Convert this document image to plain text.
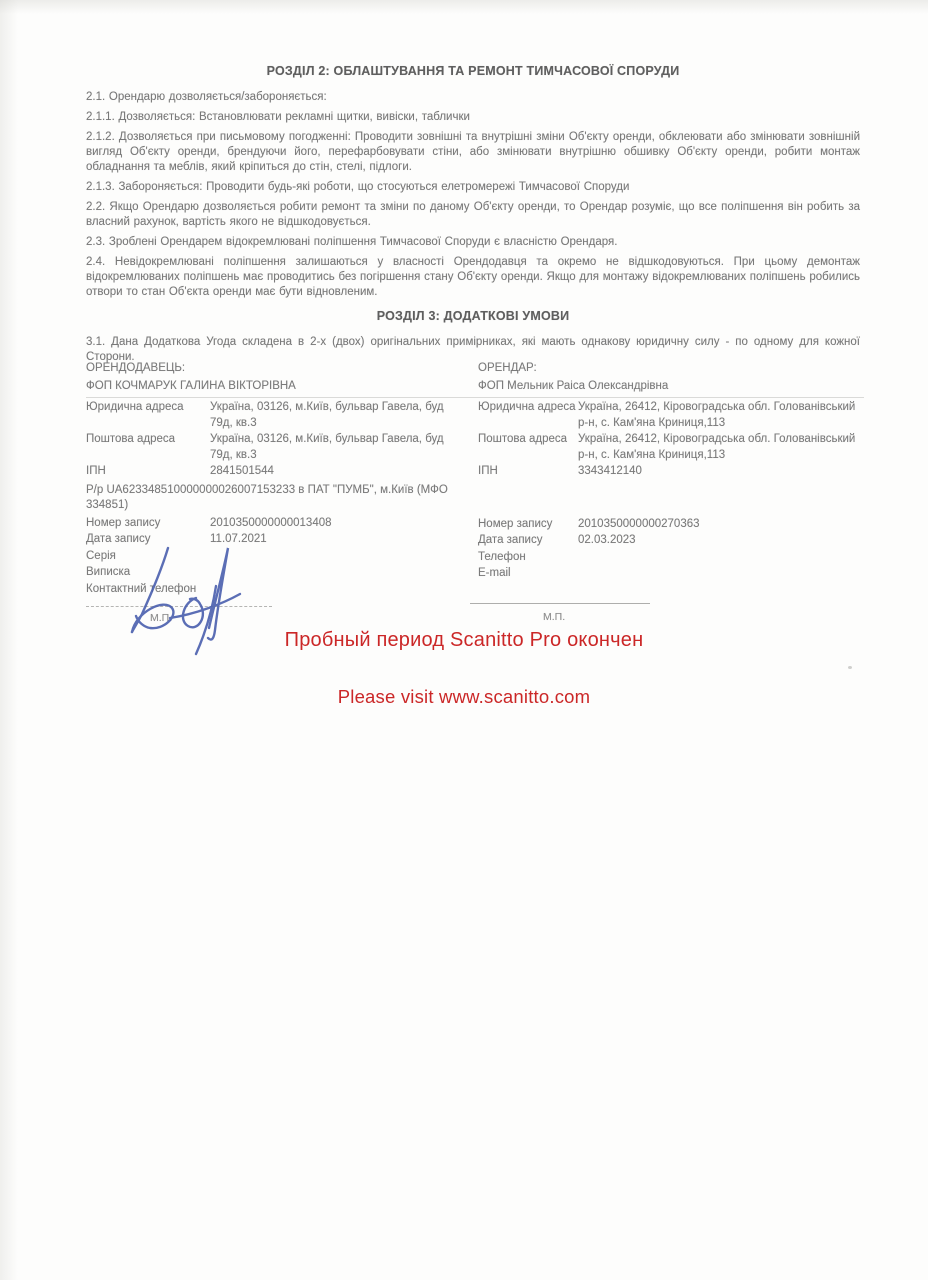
РОЗДІЛ 2: ОБЛАШТУВАННЯ ТА РЕМОНТ ТИМЧАСОВОЇ СПОРУДИ

2.1. Орендарю дозволяється/забороняється:

2.1.1. Дозволяється: Встановлювати рекламні щитки, вивіски, таблички

2.1.2. Дозволяється при письмовому погодженні: Проводити зовнішні та внутрішні зміни Об'єкту оренди, обклеювати або змінювати зовнішній вигляд Об'єкту оренди, брендуючи його, перефарбовувати стіни, або змінювати внутрішню обшивку Об'єкту оренди, робити монтаж обладнання та меблів, який кріпиться до стін, стелі, підлоги.

2.1.3. Забороняється: Проводити будь-які роботи, що стосуються елетромережі Тимчасової Споруди

2.2. Якщо Орендарю дозволяється робити ремонт та зміни по даному Об'єкту оренди, то Орендар розуміє, що все поліпшення він робить за власний рахунок, вартість якого не відшкодовується.

2.3. Зроблені Орендарем відокремлювані поліпшення Тимчасової Споруди є власністю Орендаря.

2.4. Невідокремлювані поліпшення залишаються у власності Орендодавця та окремо не відшкодовуються. При цьому демонтаж відокремлюваних поліпшень має проводитись без погіршення стану Об'єкту оренди. Якщо для монтажу відокремлюваних поліпшень робились отвори то стан Об'єкта оренди має бути відновленим.

РОЗДІЛ 3: ДОДАТКОВІ УМОВИ

3.1. Дана Додаткова Угода складена в 2-х (двох) оригінальних примірниках, які мають однакову юридичну силу - по одному для кожної Сторони.

ОРЕНДОДАВЕЦЬ:
ФОП КОЧМАРУК ГАЛИНА ВІКТОРІВНА
ОРЕНДАР:
ФОП Мельник Раіса Олександрівна
Юридична адреса	Україна, 03126, м.Київ, бульвар Гавела, буд 79д, кв.3
Поштова адреса	Україна, 03126, м.Київ, бульвар Гавела, буд 79д, кв.3
ІПН	2841501544
Р/р UA623348510000000026007153233 в ПАТ "ПУМБ", м.Київ (МФО 334851)
Номер запису	2010350000000013408
Дата запису	11.07.2021
Серія
Виписка
Контактний телефон
Юридична адреса Україна, 26412, Кіровоградська обл. Голованівський р-н, с. Кам'яна Криниця,113
Поштова адреса Україна, 26412, Кіровоградська обл. Голованівський р-н, с. Кам'яна Криниця,113
ІПН	3343412140
Номер запису	2010350000000270363
Дата запису	02.03.2023
Телефон
E-mail
М.П.	М.П.
Пробный период Scanitto Pro окончен
Please visit www.scanitto.com
